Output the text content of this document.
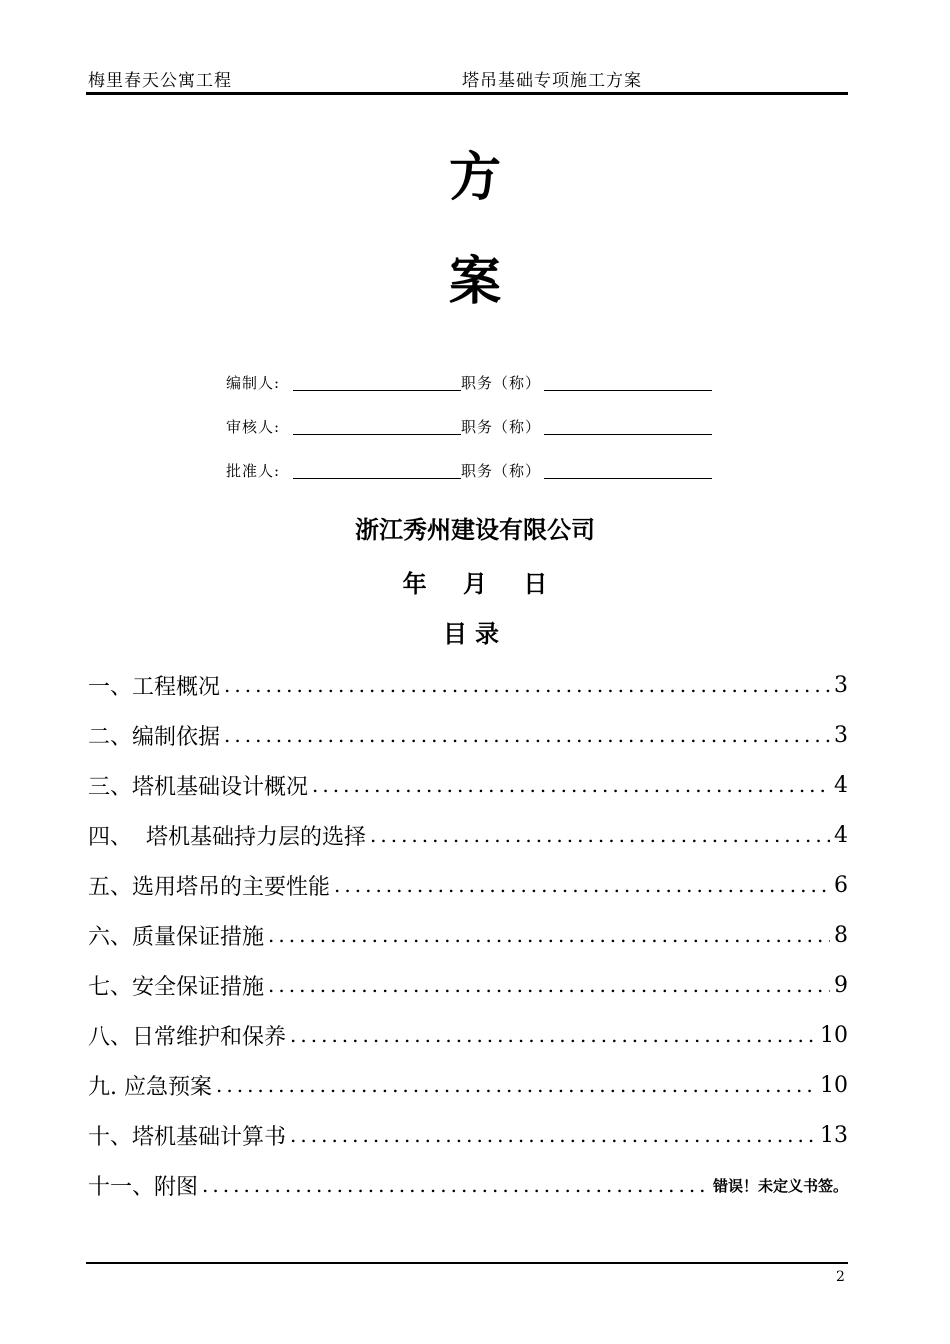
梅里春天公寓工程	塔吊基础专项施工方案
方
案
编制人:	职务（称）
审核人:	职务（称）
批准人:	职务（称）
浙江秀州建设有限公司
年 月 日
目录
一、工程概况 .....	3
二、编制依据 .....	3
三、塔机基础设计概况 .....	4
四、  塔机基础持力层的选择 .....	4
五、选用塔吊的主要性能 .....	6
六、质量保证措施 .....	8
七、安全保证措施 .....	9
八、日常维护和保养 .....	10
九. 应急预案 .....	10
十、塔机基础计算书 .....	13
十一、附图 .....	错误！未定义书签。
2
